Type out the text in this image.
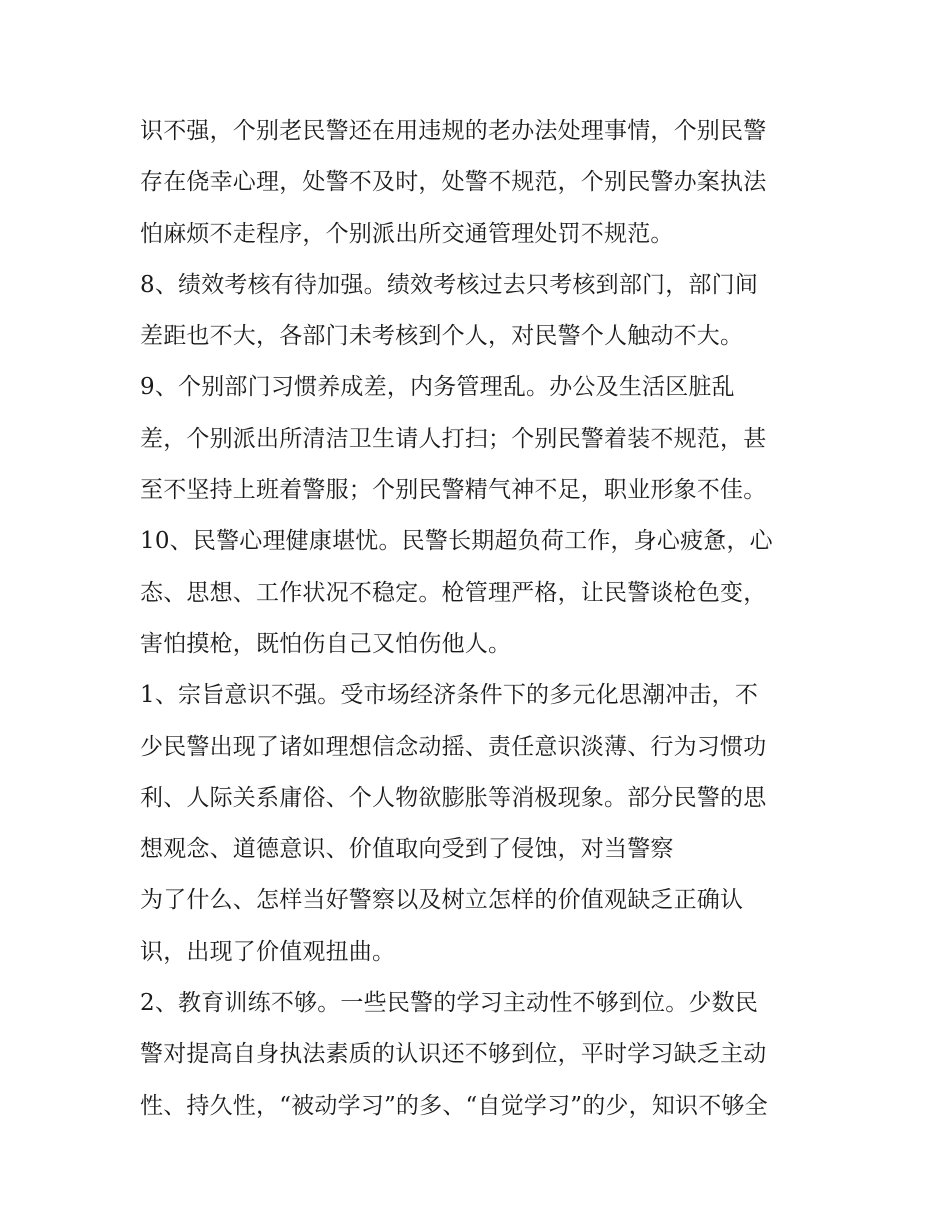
识不强，个别老民警还在用违规的老办法处理事情，个别民警
存在侥幸心理，处警不及时，处警不规范，个别民警办案执法
怕麻烦不走程序，个别派出所交通管理处罚不规范。
8、绩效考核有待加强。绩效考核过去只考核到部门，部门间
差距也不大，各部门未考核到个人，对民警个人触动不大。
9、个别部门习惯养成差，内务管理乱。办公及生活区脏乱
差，个别派出所清洁卫生请人打扫；个别民警着装不规范，甚
至不坚持上班着警服；个别民警精气神不足，职业形象不佳。
10、民警心理健康堪忧。民警长期超负荷工作，身心疲惫，心
态、思想、工作状况不稳定。枪管理严格，让民警谈枪色变，
害怕摸枪，既怕伤自己又怕伤他人。
1、宗旨意识不强。受市场经济条件下的多元化思潮冲击，不
少民警出现了诸如理想信念动摇、责任意识淡薄、行为习惯功
利、人际关系庸俗、个人物欲膨胀等消极现象。部分民警的思
想观念、道德意识、价值取向受到了侵蚀，对当警察
为了什么、怎样当好警察以及树立怎样的价值观缺乏正确认
识，出现了价值观扭曲。
2、教育训练不够。一些民警的学习主动性不够到位。少数民
警对提高自身执法素质的认识还不够到位，平时学习缺乏主动
性、持久性，“被动学习”的多、“自觉学习”的少，知识不够全
